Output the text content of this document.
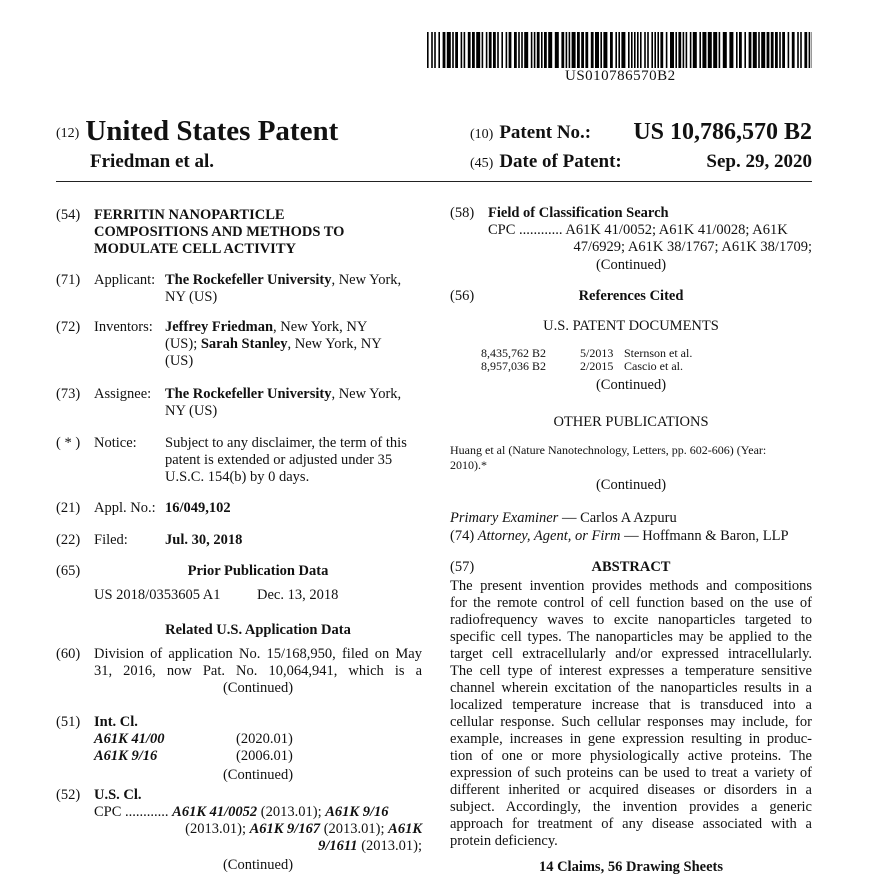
US010786570B2
(12) United States Patent
Friedman et al.
(10) Patent No.: US 10,786,570 B2
(45) Date of Patent:	Sep. 29, 2020
(54) FERRITIN NANOPARTICLE
COMPOSITIONS AND METHODS TO
MODULATE CELL ACTIVITY
(71) Applicant: The Rockefeller University, New York,
NY (US)
(72) Inventors: Jeffrey Friedman, New York, NY
(US); Sarah Stanley, New York, NY
(US)
(73) Assignee: The Rockefeller University, New York,
NY (US)
( * ) Notice: Subject to any disclaimer, the term of this
patent is extended or adjusted under 35
U.S.C. 154(b) by 0 days.
(21) Appl. No.: 16/049,102
(22) Filed:	Jul. 30, 2018
(65)	Prior Publication Data
US 2018/0353605 A1	Dec. 13, 2018
Related U.S. Application Data
(60) Division of application No. 15/168,950, filed on May
31, 2016, now Pat. No. 10,064,941, which is a
(Continued)
(51) Int. Cl.
A61K 41/00	(2020.01)
A61K 9/16	(2006.01)
(Continued)
(52) U.S. Cl.
CPC ............ A61K 41/0052 (2013.01); A61K 9/16
(2013.01); A61K 9/167 (2013.01); A61K
9/1611 (2013.01);
(Continued)
(58) Field of Classification Search
CPC ............ A61K 41/0052; A61K 41/0028; A61K
47/6929; A61K 38/1767; A61K 38/1709;
(Continued)
(56)	References Cited
U.S. PATENT DOCUMENTS
8,435,762 B2	5/2013 Sternson et al.
8,957,036 B2	2/2015 Cascio et al.
(Continued)
OTHER PUBLICATIONS
Huang et al (Nature Nanotechnology, Letters, pp. 602-606) (Year:
2010).*
(Continued)
Primary Examiner — Carlos A Azpuru
(74) Attorney, Agent, or Firm — Hoffmann & Baron, LLP
(57)	ABSTRACT
The present invention provides methods and compositions
for the remote control of cell function based on the use of
radiofrequency waves to excite nanoparticles targeted to
specific cell types. The nanoparticles may be applied to the
target cell extracellularly and/or expressed intracellularly.
The cell type of interest expresses a temperature sensitive
channel wherein excitation of the nanoparticles results in a
localized temperature increase that is transduced into a
cellular response. Such cellular responses may include, for
example, increases in gene expression resulting in produc-
tion of one or more physiologically active proteins. The
expression of such proteins can be used to treat a variety of
different inherited or acquired diseases or disorders in a
subject. Accordingly, the invention provides a generic
approach for treatment of any disease associated with a
protein deficiency.
14 Claims, 56 Drawing Sheets
